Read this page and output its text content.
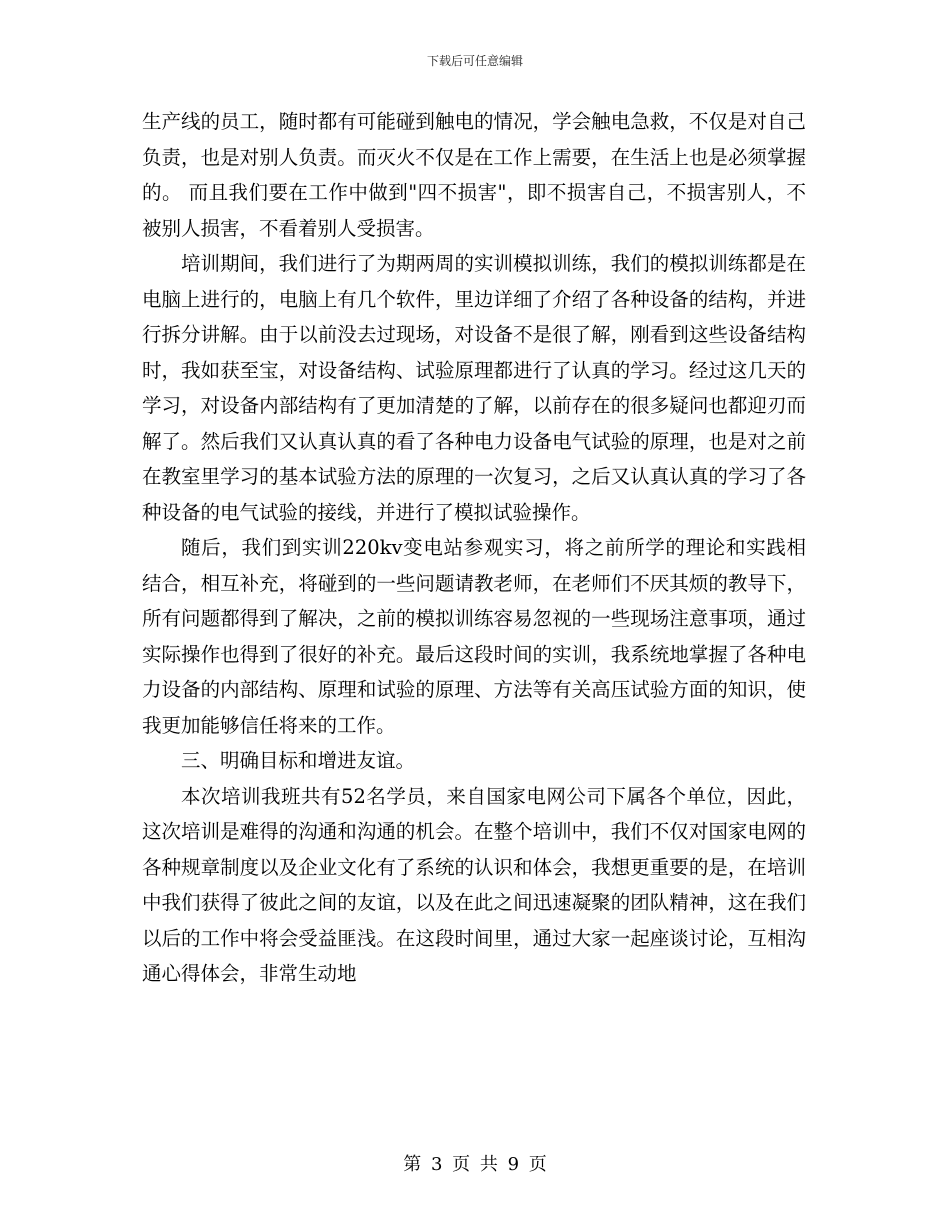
下载后可任意编辑

生产线的员工，随时都有可能碰到触电的情况，学会触电急救，不仅是对自己负责，也是对别人负责。而灭火不仅是在工作上需要，在生活上也是必须掌握的。 而且我们要在工作中做到"四不损害"，即不损害自己，不损害别人，不被别人损害，不看着别人受损害。

培训期间，我们进行了为期两周的实训模拟训练，我们的模拟训练都是在电脑上进行的，电脑上有几个软件，里边详细了介绍了各种设备的结构，并进行拆分讲解。由于以前没去过现场，对设备不是很了解，刚看到这些设备结构时，我如获至宝，对设备结构、试验原理都进行了认真的学习。经过这几天的学习，对设备内部结构有了更加清楚的了解，以前存在的很多疑问也都迎刃而解了。然后我们又认真认真的看了各种电力设备电气试验的原理，也是对之前在教室里学习的基本试验方法的原理的一次复习，之后又认真认真的学习了各种设备的电气试验的接线，并进行了模拟试验操作。

随后，我们到实训220kv变电站参观实习，将之前所学的理论和实践相结合，相互补充，将碰到的一些问题请教老师，在老师们不厌其烦的教导下，所有问题都得到了解决，之前的模拟训练容易忽视的一些现场注意事项，通过实际操作也得到了很好的补充。最后这段时间的实训，我系统地掌握了各种电力设备的内部结构、原理和试验的原理、方法等有关高压试验方面的知识，使我更加能够信任将来的工作。

三、明确目标和增进友谊。

本次培训我班共有52名学员，来自国家电网公司下属各个单位，因此，这次培训是难得的沟通和沟通的机会。在整个培训中，我们不仅对国家电网的各种规章制度以及企业文化有了系统的认识和体会，我想更重要的是，在培训中我们获得了彼此之间的友谊，以及在此之间迅速凝聚的团队精神，这在我们以后的工作中将会受益匪浅。在这段时间里，通过大家一起座谈讨论，互相沟通心得体会，非常生动地

第 3 页 共 9 页
